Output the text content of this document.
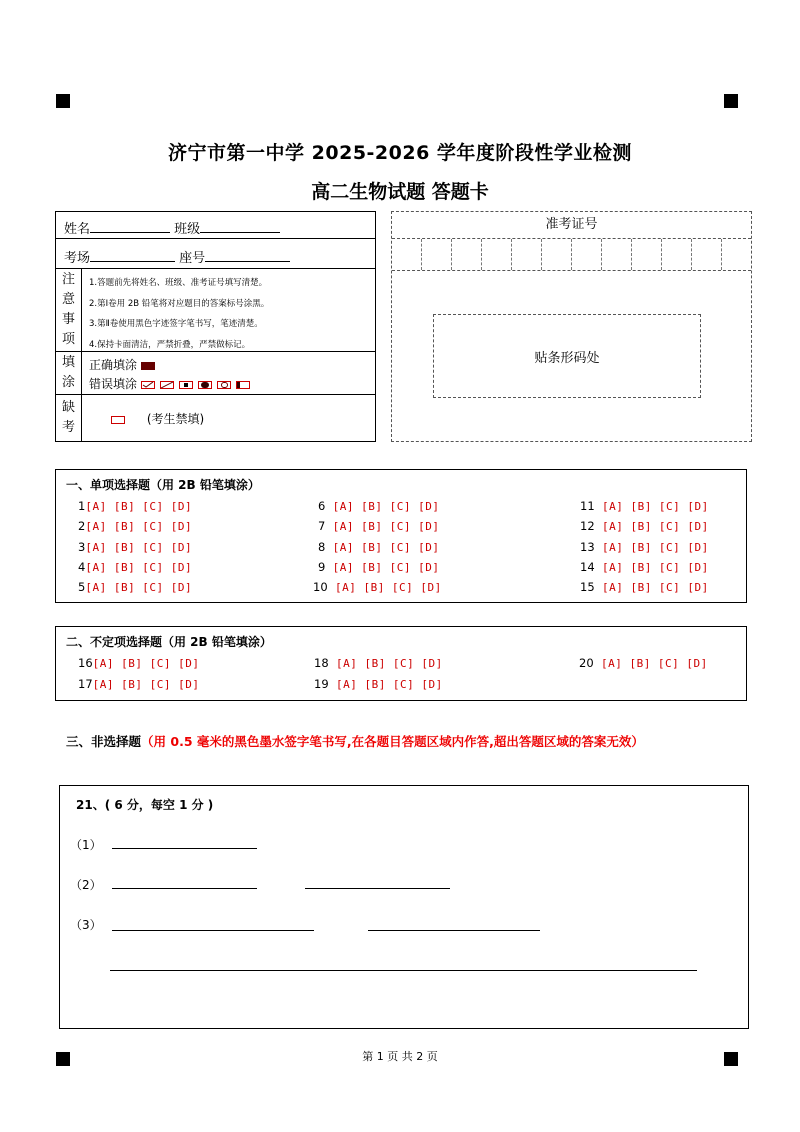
济宁市第一中学 2025-2026 学年度阶段性学业检测
高二生物试题 答题卡
姓名	班级
考场	座号
注
意
事
项
1.答题前先将姓名、班级、准考证号填写清楚。
2.第Ⅰ卷用 2B 铅笔将对应题目的答案标号涂黑。
3.第Ⅱ卷使用黑色字迹签字笔书写，笔迹清楚。
4.保持卡面清洁，严禁折叠，严禁做标记。
填
涂
正确填涂
错误填涂
缺
考
(考生禁填)
准考证号
贴条形码处
一、单项选择题（用 2B 铅笔填涂）
1[A] [B] [C] [D]
2[A] [B] [C] [D]
3[A] [B] [C] [D]
4[A] [B] [C] [D]
5[A] [B] [C] [D]
6 [A] [B] [C] [D]
7 [A] [B] [C] [D]
8 [A] [B] [C] [D]
9 [A] [B] [C] [D]
10 [A] [B] [C] [D]
11 [A] [B] [C] [D]
12 [A] [B] [C] [D]
13 [A] [B] [C] [D]
14 [A] [B] [C] [D]
15 [A] [B] [C] [D]
二、不定项选择题（用 2B 铅笔填涂）
16[A] [B] [C] [D]
17[A] [B] [C] [D]
18 [A] [B] [C] [D]
19 [A] [B] [C] [D]
20 [A] [B] [C] [D]
三、非选择题（用 0.5 毫米的黑色墨水签字笔书写,在各题目答题区域内作答,超出答题区域的答案无效）
21、( 6 分，每空 1 分 )
（1）
（2）
（3）
第 1 页 共 2 页
